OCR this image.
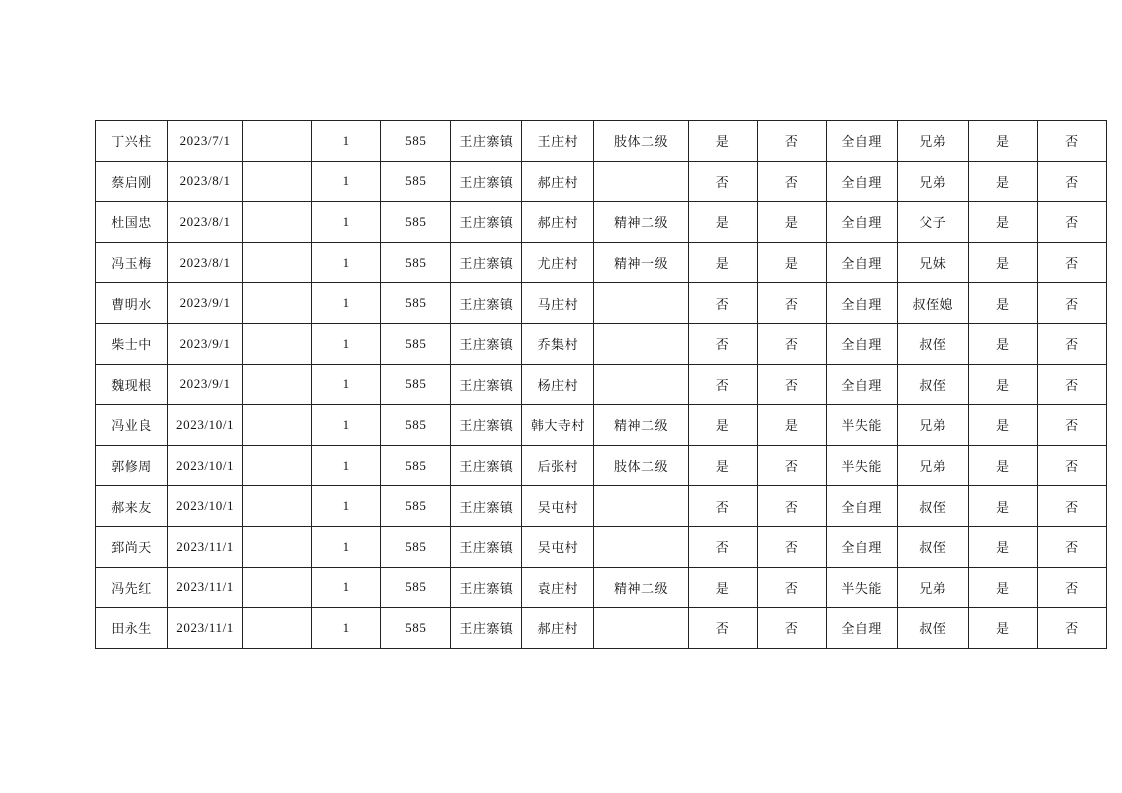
丁兴柱	2023/7/1		1	585	王庄寨镇	王庄村	肢体二级	是	否	全自理	兄弟	是	否
蔡启刚	2023/8/1		1	585	王庄寨镇	郝庄村		否	否	全自理	兄弟	是	否
杜国忠	2023/8/1		1	585	王庄寨镇	郝庄村	精神二级	是	是	全自理	父子	是	否
冯玉梅	2023/8/1		1	585	王庄寨镇	尤庄村	精神一级	是	是	全自理	兄妹	是	否
曹明水	2023/9/1		1	585	王庄寨镇	马庄村		否	否	全自理	叔侄媳	是	否
柴士中	2023/9/1		1	585	王庄寨镇	乔集村		否	否	全自理	叔侄	是	否
魏现根	2023/9/1		1	585	王庄寨镇	杨庄村		否	否	全自理	叔侄	是	否
冯业良	2023/10/1		1	585	王庄寨镇	韩大寺村	精神二级	是	是	半失能	兄弟	是	否
郭修周	2023/10/1		1	585	王庄寨镇	后张村	肢体二级	是	否	半失能	兄弟	是	否
郝来友	2023/10/1		1	585	王庄寨镇	吴屯村		否	否	全自理	叔侄	是	否
郅尚天	2023/11/1		1	585	王庄寨镇	吴屯村		否	否	全自理	叔侄	是	否
冯先红	2023/11/1		1	585	王庄寨镇	袁庄村	精神二级	是	否	半失能	兄弟	是	否
田永生	2023/11/1		1	585	王庄寨镇	郝庄村		否	否	全自理	叔侄	是	否
